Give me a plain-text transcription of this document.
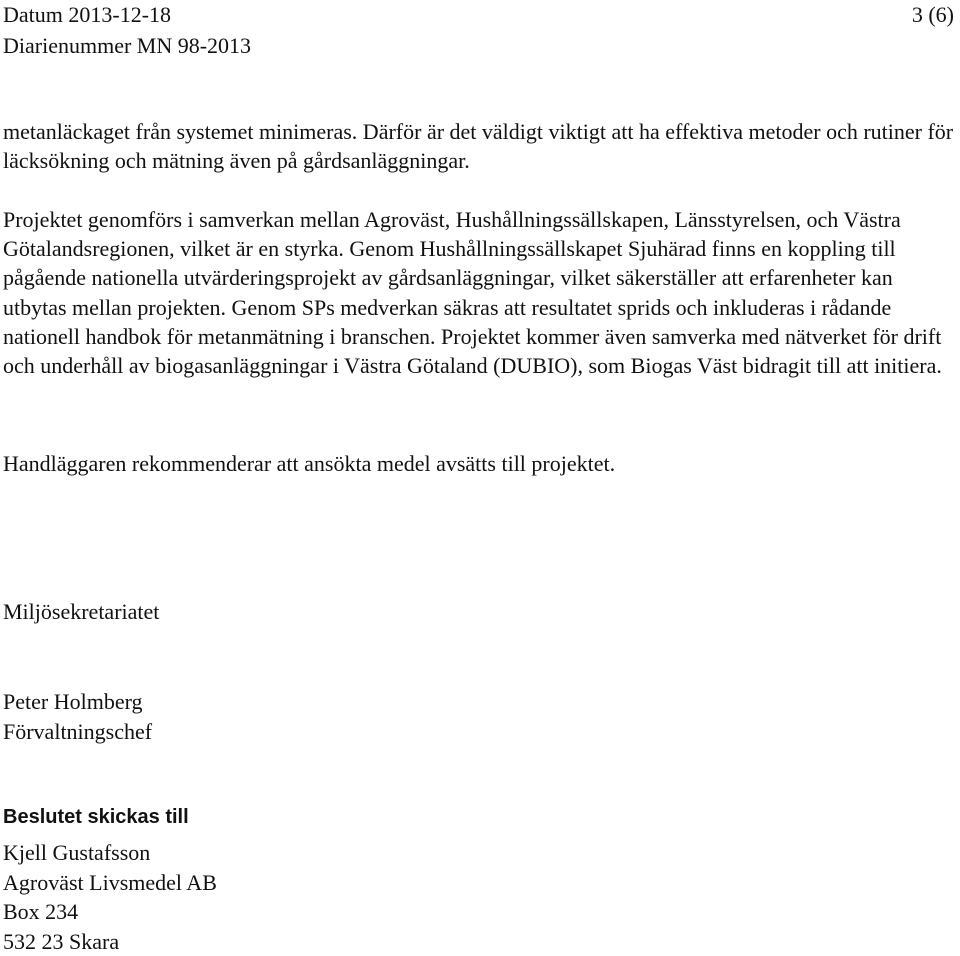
Datum 2013-12-18
Diarienummer MN 98-2013
3 (6)

metanläckaget från systemet minimeras. Därför är det väldigt viktigt att ha effektiva metoder och rutiner för läcksökning och mätning även på gårdsanläggningar.

Projektet genomförs i samverkan mellan Agroväst, Hushållningssällskapen, Länsstyrelsen, och Västra Götalandsregionen, vilket är en styrka. Genom Hushållningssällskapet Sjuhärad finns en koppling till pågående nationella utvärderingsprojekt av gårdsanläggningar, vilket säkerställer att erfarenheter kan utbytas mellan projekten. Genom SPs medverkan säkras att resultatet sprids och inkluderas i rådande nationell handbok för metanmätning i branschen. Projektet kommer även samverka med nätverket för drift och underhåll av biogasanläggningar i Västra Götaland (DUBIO), som Biogas Väst bidragit till att initiera.

Handläggaren rekommenderar att ansökta medel avsätts till projektet.

Miljösekretariatet
Peter Holmberg
Förvaltningschef
Beslutet skickas till
Kjell Gustafsson
Agroväst Livsmedel AB
Box 234
532 23 Skara
